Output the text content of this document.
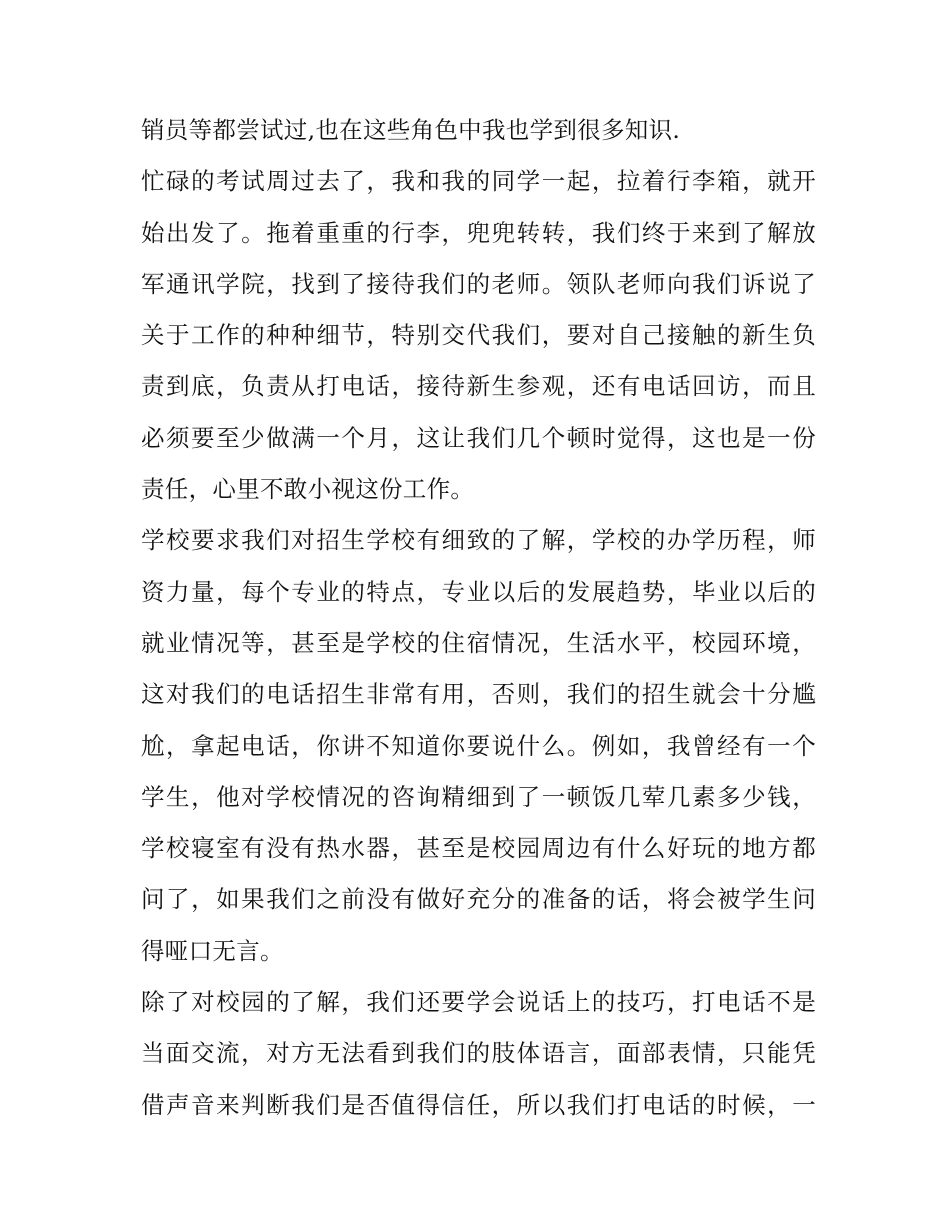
销员等都尝试过,也在这些角色中我也学到很多知识.
忙碌的考试周过去了，我和我的同学一起，拉着行李箱，就开
始出发了。拖着重重的行李，兜兜转转，我们终于来到了解放
军通讯学院，找到了接待我们的老师。领队老师向我们诉说了
关于工作的种种细节，特别交代我们，要对自己接触的新生负
责到底，负责从打电话，接待新生参观，还有电话回访，而且
必须要至少做满一个月，这让我们几个顿时觉得，这也是一份
责任，心里不敢小视这份工作。
学校要求我们对招生学校有细致的了解，学校的办学历程，师
资力量，每个专业的特点，专业以后的发展趋势，毕业以后的
就业情况等，甚至是学校的住宿情况，生活水平，校园环境，
这对我们的电话招生非常有用，否则，我们的招生就会十分尴
尬，拿起电话，你讲不知道你要说什么。例如，我曾经有一个
学生，他对学校情况的咨询精细到了一顿饭几荤几素多少钱，
学校寝室有没有热水器，甚至是校园周边有什么好玩的地方都
问了，如果我们之前没有做好充分的准备的话，将会被学生问
得哑口无言。
除了对校园的了解，我们还要学会说话上的技巧，打电话不是
当面交流，对方无法看到我们的肢体语言，面部表情，只能凭
借声音来判断我们是否值得信任，所以我们打电话的时候，一
